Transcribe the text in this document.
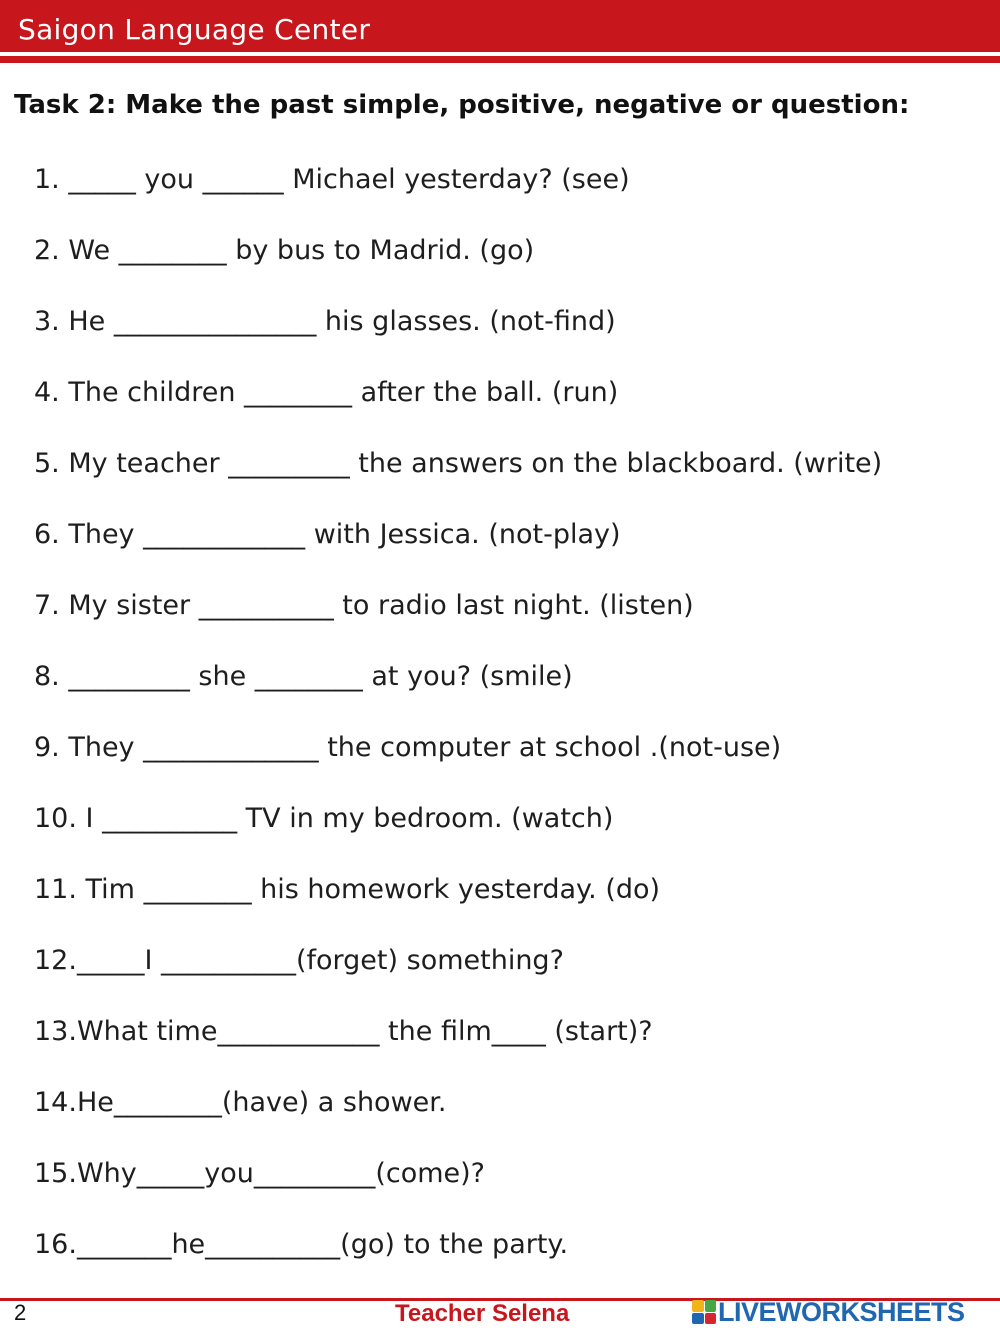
Saigon Language Center
Task 2: Make the past simple, positive, negative or question:
1. _____ you ______ Michael yesterday? (see)
2. We ________ by bus to Madrid. (go)
3. He _______________ his glasses. (not-find)
4. The children ________ after the ball. (run)
5. My teacher _________ the answers on the blackboard. (write)
6. They ____________ with Jessica. (not-play)
7. My sister __________ to radio last night. (listen)
8. _________ she ________ at you? (smile)
9. They _____________ the computer at school .(not-use)
10. I __________ TV in my bedroom. (watch)
11. Tim ________ his homework yesterday. (do)
12._____I __________(forget) something?
13.What time____________ the film____ (start)?
14.He________(have) a shower.
15.Why_____you_________(come)?
16._______he__________(go) to the party.
2	Teacher Selena	LIVEWORKSHEETS
